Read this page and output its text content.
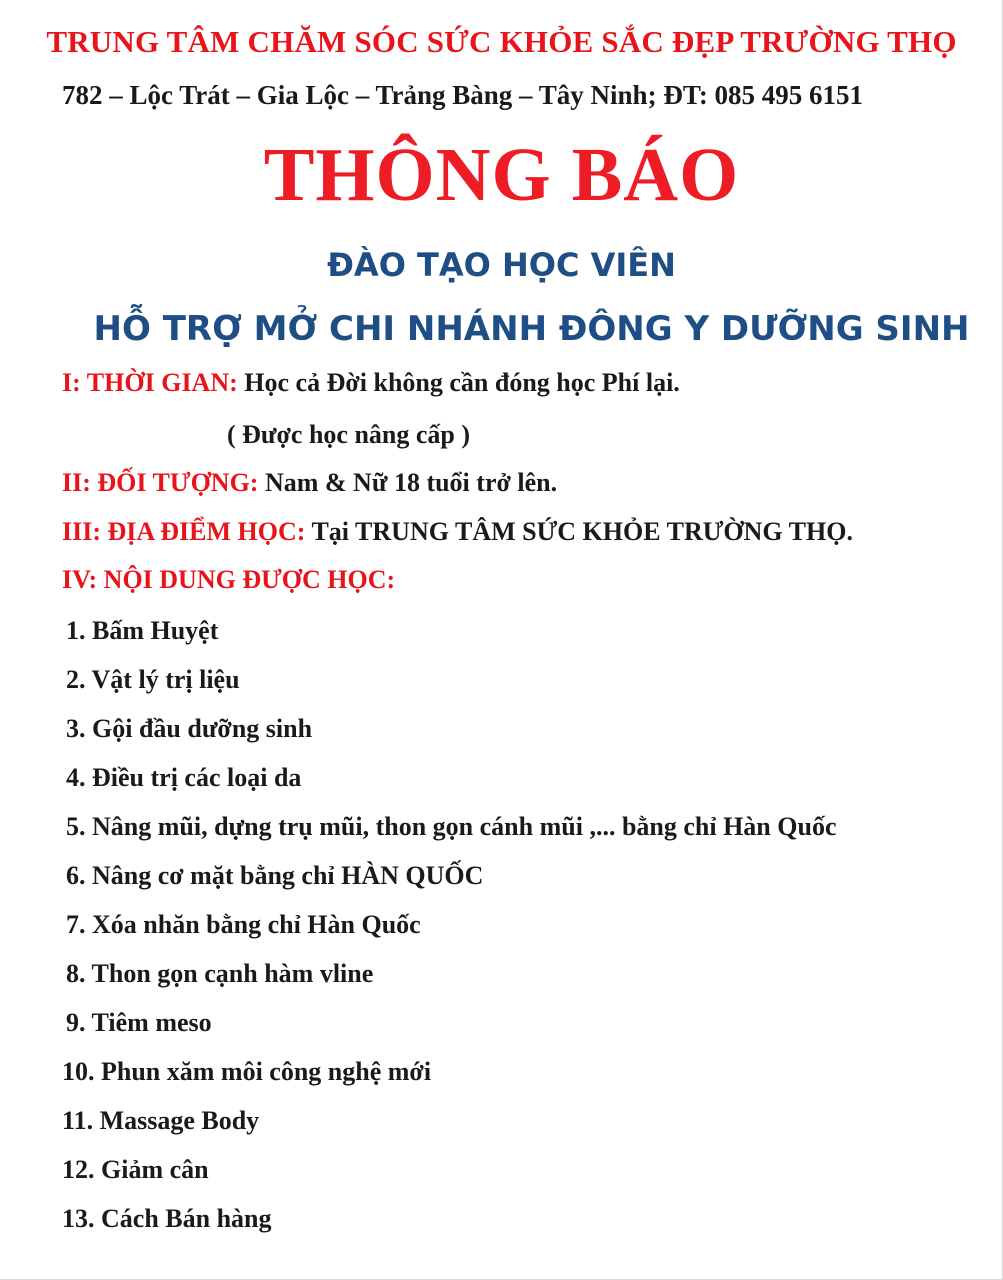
TRUNG TÂM CHĂM SÓC SỨC KHỎE SẮC ĐẸP TRƯỜNG THỌ
782 – Lộc Trát – Gia Lộc – Trảng Bàng – Tây Ninh; ĐT: 085 495 6151
THÔNG BÁO
ĐÀO TẠO HỌC VIÊN
HỖ TRỢ MỞ CHI NHÁNH ĐÔNG Y DƯỠNG SINH
I: THỜI GIAN: Học cả Đời không cần đóng học Phí lại.
( Được học nâng cấp )
II: ĐỐI TƯỢNG: Nam & Nữ 18 tuổi trở lên.
III: ĐỊA ĐIỂM HỌC: Tại TRUNG TÂM SỨC KHỎE TRƯỜNG THỌ.
IV: NỘI DUNG ĐƯỢC HỌC:
1. Bấm Huyệt
2. Vật lý trị liệu
3. Gội đầu dưỡng sinh
4. Điều trị các loại da
5. Nâng mũi, dựng trụ mũi, thon gọn cánh mũi ,... bằng chỉ Hàn Quốc
6. Nâng cơ mặt bằng chỉ HÀN QUỐC
7. Xóa nhăn bằng chỉ Hàn Quốc
8. Thon gọn cạnh hàm vline
9. Tiêm meso
10. Phun xăm môi công nghệ mới
11. Massage Body
12. Giảm cân
13. Cách Bán hàng
